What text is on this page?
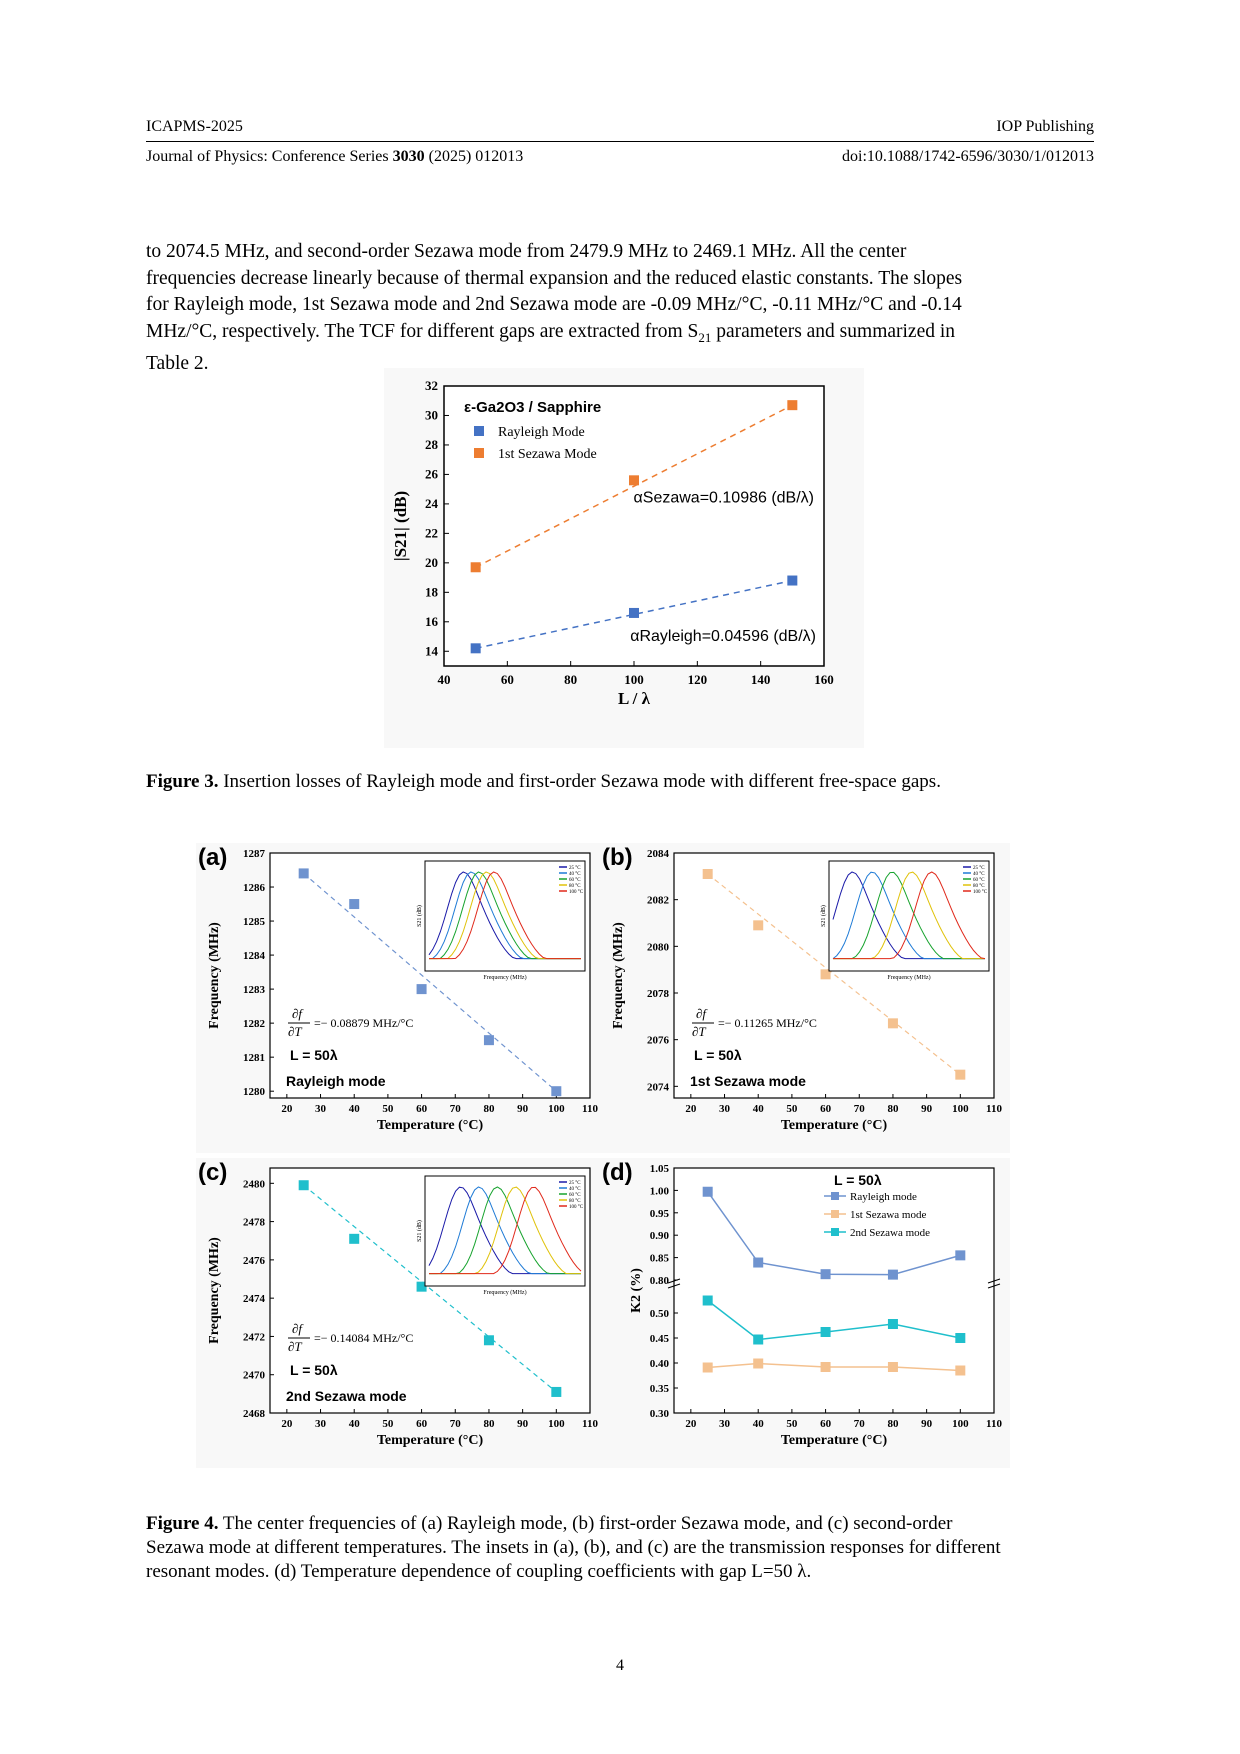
ICAPMS-2025	IOP Publishing
Journal of Physics: Conference Series 3030 (2025) 012013	doi:10.1088/1742-6596/3030/1/012013
to 2074.5 MHz, and second-order Sezawa mode from 2479.9 MHz to 2469.1 MHz. All the center
frequencies decrease linearly because of thermal expansion and the reduced elastic constants. The slopes
for Rayleigh mode, 1st Sezawa mode and 2nd Sezawa mode are -0.09 MHz/°C, -0.11 MHz/°C and -0.14
MHz/°C, respectively. The TCF for different gaps are extracted from $S_{21}$ parameters and summarized in
Table 2.
40	60	80	100	120	140	160
14
16
18
20
22
24
26
28
30
32
L / λ
|S21| (dB)
ε-Ga2O3 / Sapphire
Rayleigh Mode
1st Sezawa Mode
αSezawa=0.10986 (dB/λ)
αRayleigh=0.04596 (dB/λ)
Figure 3. Insertion losses of Rayleigh mode and first-order Sezawa mode with different free-space gaps.
20 30 40 50 60 70 80 90 100 110
1280
1281
1282
1283
1284
1285
1286
1287
Temperature (°C)
Frequency (MHz)
(a)
∂f
∂T
=− 0.08879 MHz/°C
L = 50λ
Rayleigh mode
25 °C
40 °C
60 °C
80 °C
100 °C
Frequency (MHz)
S21 (dB)
20 30 40 50 60 70 80 90 100 110
2074
2076
2078
2080
2082
2084
Temperature (°C)
Frequency (MHz)
(b)
∂f
∂T
=− 0.11265 MHz/°C
L = 50λ
1st Sezawa mode
25 °C
40 °C
60 °C
80 °C
100 °C
Frequency (MHz)
S21 (dB)
20 30 40 50 60 70 80 90 100 110
2468
2470
2472
2474
2476
2478
2480
Temperature (°C)
Frequency (MHz)
(c)
∂f
∂T
=− 0.14084 MHz/°C
L = 50λ
2nd Sezawa mode
25 °C
40 °C
60 °C
80 °C
100 °C
Frequency (MHz)
S21 (dB)
20 30 40 50 60 70 80 90 100 110
0.80
0.85
0.90
0.95
1.00
1.05
0.30
0.35
0.40
0.45
0.50
Temperature (°C)
K2 (%)
(d)
Rayleigh mode
1st Sezawa mode
2nd Sezawa mode
L = 50λ
Figure 4. The center frequencies of (a) Rayleigh mode, (b) first-order Sezawa mode, and (c) second-order
Sezawa mode at different temperatures. The insets in (a), (b), and (c) are the transmission responses for different
resonant modes. (d) Temperature dependence of coupling coefficients with gap L=50 λ.
4
